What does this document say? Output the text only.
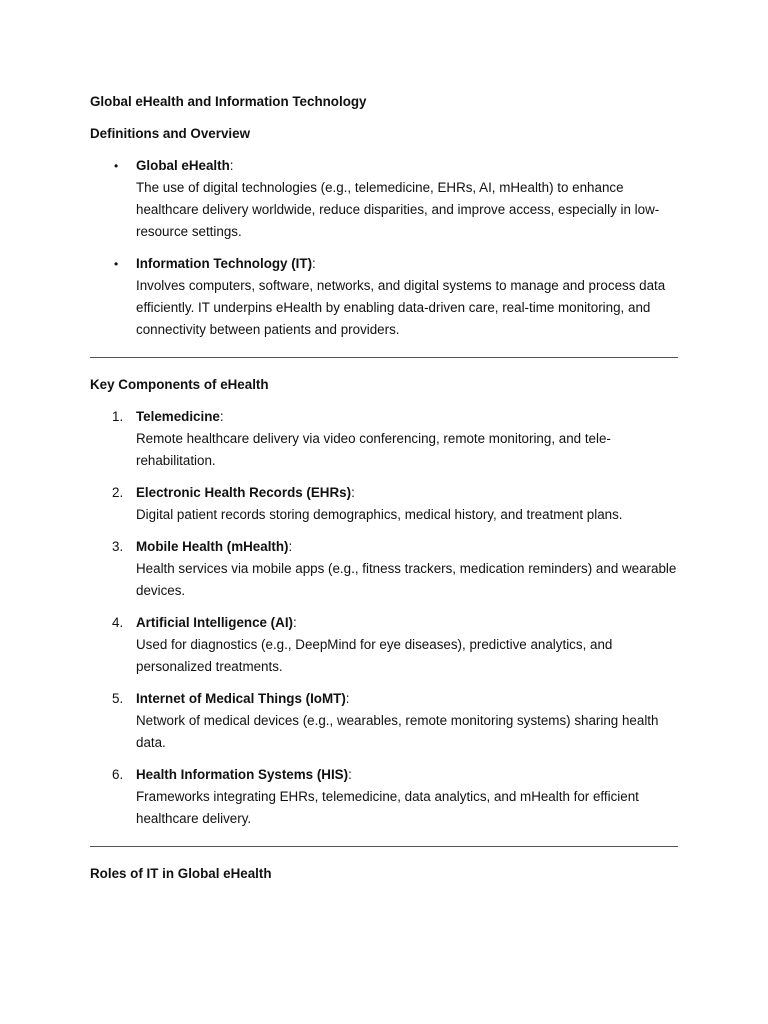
Global eHealth and Information Technology

Definitions and Overview

•	Global eHealth:
The use of digital technologies (e.g., telemedicine, EHRs, AI, mHealth) to enhance healthcare delivery worldwide, reduce disparities, and improve access, especially in low-resource settings.
•	Information Technology (IT):
Involves computers, software, networks, and digital systems to manage and process data efficiently. IT underpins eHealth by enabling data-driven care, real-time monitoring, and connectivity between patients and providers.

Key Components of eHealth

1. Telemedicine:
Remote healthcare delivery via video conferencing, remote monitoring, and tele-rehabilitation.
2. Electronic Health Records (EHRs):
Digital patient records storing demographics, medical history, and treatment plans.
3. Mobile Health (mHealth):
Health services via mobile apps (e.g., fitness trackers, medication reminders) and wearable devices.
4. Artificial Intelligence (AI):
Used for diagnostics (e.g., DeepMind for eye diseases), predictive analytics, and personalized treatments.
5. Internet of Medical Things (IoMT):
Network of medical devices (e.g., wearables, remote monitoring systems) sharing health data.
6. Health Information Systems (HIS):
Frameworks integrating EHRs, telemedicine, data analytics, and mHealth for efficient healthcare delivery.

Roles of IT in Global eHealth
